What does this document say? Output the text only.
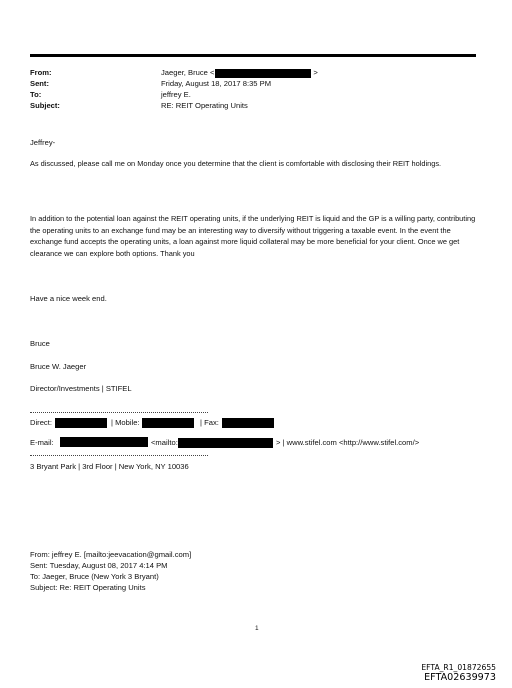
From:	Jaeger, Bruce <	>
Sent:	Friday, August 18, 2017 8:35 PM
To:	jeffrey E.
Subject:	RE: REIT Operating Units
Jeffrey-
As discussed, please call me on Monday once you determine that the client is comfortable with disclosing their REIT holdings.
In addition to the potential loan against the REIT operating units, if the underlying REIT is liquid and the GP is a willing party, contributing the operating units to an exchange fund may be an interesting way to diversify without triggering a taxable event. In the event the exchange fund accepts the operating units, a loan against more liquid collateral may be more beneficial for your client. Once we get clearance we can explore both options. Thank you
Have a nice week end.
Bruce
Bruce W. Jaeger
Director/Investments | STIFEL
Direct:	| Mobile:	| Fax:
E-mail:	<mailto:	> | www.stifel.com <http://www.stifel.com/>
3 Bryant Park | 3rd Floor | New York, NY 10036
From: jeffrey E. [mailto:jeevacation@gmail.com]
Sent: Tuesday, August 08, 2017 4:14 PM
To: Jaeger, Bruce (New York 3 Bryant)
Subject: Re: REIT Operating Units
1
EFTA_R1_01872655
EFTA02639973
